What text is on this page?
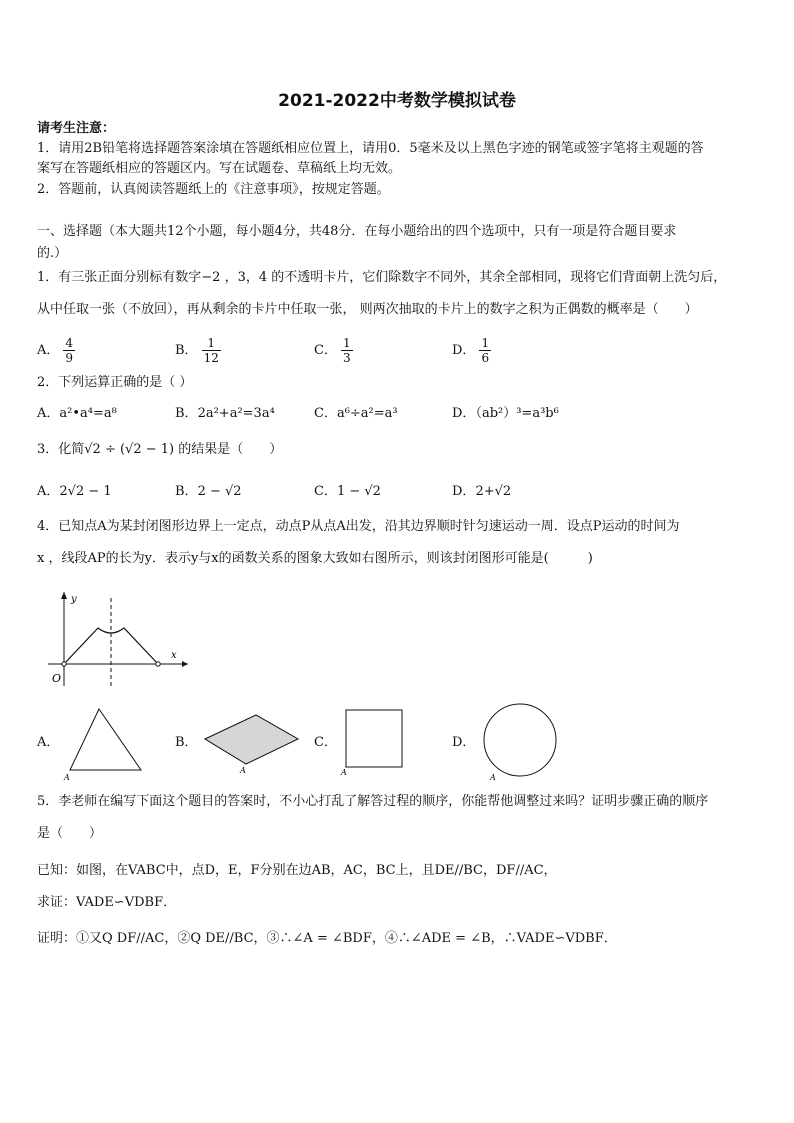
2021-2022中考数学模拟试卷
请考生注意：
1．请用2B铅笔将选择题答案涂填在答题纸相应位置上，请用0．5毫米及以上黑色字迹的钢笔或签字笔将主观题的答
案写在答题纸相应的答题区内。写在试题卷、草稿纸上均无效。
2．答题前，认真阅读答题纸上的《注意事项》，按规定答题。
一、选择题（本大题共12个小题，每小题4分，共48分．在每小题给出的四个选项中，只有一项是符合题目要求
的.）
1．有三张正面分别标有数字−2 ，3，4 的不透明卡片，它们除数字不同外，其余全部相同，现将它们背面朝上洗匀后，
从中任取一张（不放回），再从剩余的卡片中任取一张， 则两次抽取的卡片上的数字之积为正偶数的概率是（　　）
A． $\frac{4}{9}$	B． $\frac{1}{12}$	C． $\frac{1}{3}$	D． $\frac{1}{6}$
2．下列运算正确的是（ ）
A．a²•a⁴=a⁸	B．2a²+a²=3a⁴	C．a⁶÷a²=a³	D．（ab²）³=a³b⁶
3．化简√2 ÷ (√2 − 1) 的结果是（　　）
A．2√2 − 1	B．2 − √2	C．1 − √2	D．2+√2
4．已知点A为某封闭图形边界上一定点，动点P从点A出发，沿其边界顺时针匀速运动一周．设点P运动的时间为
x ，线段AP的长为y．表示y与x的函数关系的图象大致如右图所示，则该封闭图形可能是(　　　)
y
x
O
A．
A
B．
A
C．
A
D．
A
5．李老师在编写下面这个题目的答案时，不小心打乱了解答过程的顺序，你能帮他调整过来吗？证明步骤正确的顺序
是（　　）
已知：如图，在VABC中，点D，E，F分别在边AB，AC，BC上，且DE//BC，DF//AC，
求证：VADE∽VDBF．
证明：①又Q DF//AC，②Q DE//BC，③∴∠A = ∠BDF，④∴∠ADE = ∠B，∴VADE∽VDBF．
